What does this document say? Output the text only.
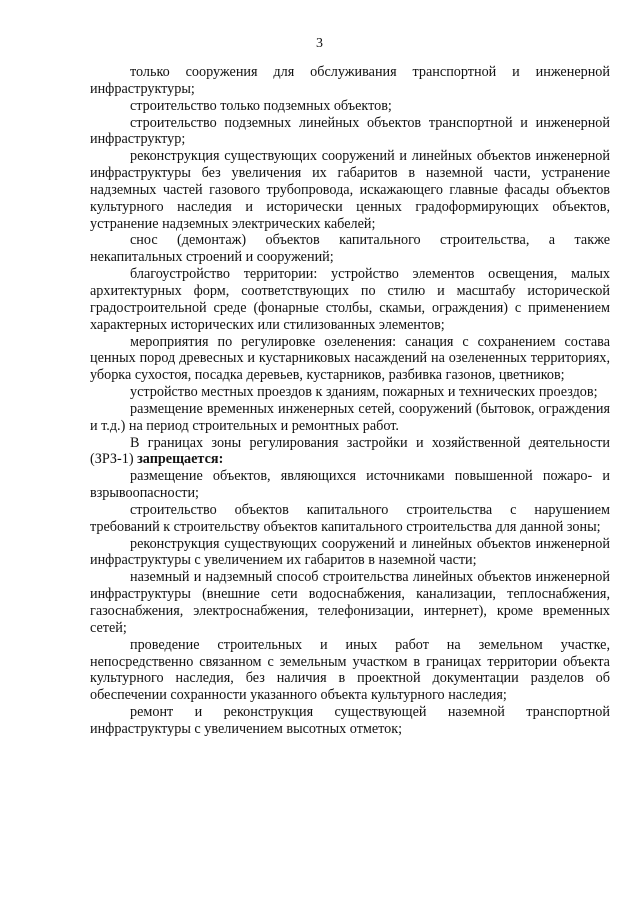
3

только сооружения для обслуживания транспортной и инженерной инфраструктуры;

строительство только подземных объектов;

строительство подземных линейных объектов транспортной и инженерной инфраструктур;

реконструкция существующих сооружений и линейных объектов инженерной инфраструктуры без увеличения их габаритов в наземной части, устранение надземных частей газового трубопровода, искажающего главные фасады объектов культурного наследия и исторически ценных градоформирующих объектов, устранение надземных электрических кабелей;

снос (демонтаж) объектов капитального строительства, а также некапитальных строений и сооружений;

благоустройство территории: устройство элементов освещения, малых архитектурных форм, соответствующих по стилю и масштабу исторической градостроительной среде (фонарные столбы, скамьи, ограждения) с применением характерных исторических или стилизованных элементов;

мероприятия по регулировке озеленения: санация с сохранением состава ценных пород древесных и кустарниковых насаждений на озелененных территориях, уборка сухостоя, посадка деревьев, кустарников, разбивка газонов, цветников;

устройство местных проездов к зданиям, пожарных и технических проездов;

размещение временных инженерных сетей, сооружений (бытовок, ограждения и т.д.) на период строительных и ремонтных работ.

В границах зоны регулирования застройки и хозяйственной деятельности (ЗРЗ-1) запрещается:

размещение объектов, являющихся источниками повышенной пожаро- и взрывоопасности;

строительство объектов капитального строительства с нарушением требований к строительству объектов капитального строительства для данной зоны;

реконструкция существующих сооружений и линейных объектов инженерной инфраструктуры с увеличением их габаритов в наземной части;

наземный и надземный способ строительства линейных объектов инженерной инфраструктуры (внешние сети водоснабжения, канализации, теплоснабжения, газоснабжения, электроснабжения, телефонизации, интернет), кроме временных сетей;

проведение строительных и иных работ на земельном участке, непосредственно связанном с земельным участком в границах территории объекта культурного наследия, без наличия в проектной документации разделов об обеспечении сохранности указанного объекта культурного наследия;

ремонт и реконструкция существующей наземной транспортной инфраструктуры с увеличением высотных отметок;
